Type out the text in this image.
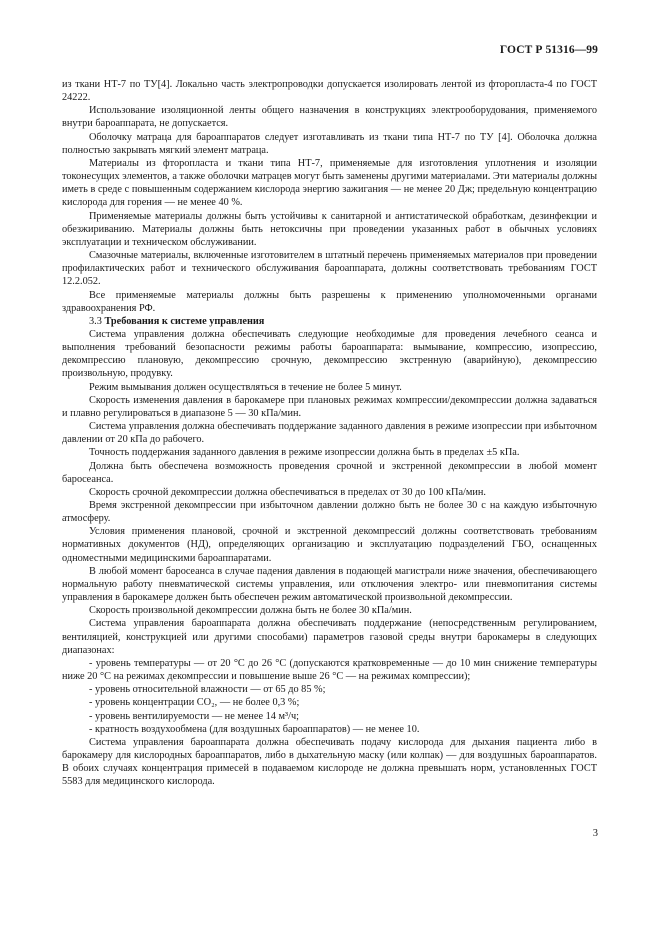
ГОСТ Р 51316—99

из ткани НТ-7 по ТУ[4]. Локально часть электропроводки допускается изолировать лентой из фторопласта-4 по ГОСТ 24222.

Использование изоляционной ленты общего назначения в конструкциях электрооборудования, применяемого внутри бароаппарата, не допускается.

Оболочку матраца для бароаппаратов следует изготавливать из ткани типа НТ-7 по ТУ [4]. Оболочка должна полностью закрывать мягкий элемент матраца.

Материалы из фторопласта и ткани типа НТ-7, применяемые для изготовления уплотнения и изоляции токонесущих элементов, а также оболочки матрацев могут быть заменены другими материалами. Эти материалы должны иметь в среде с повышенным содержанием кислорода энергию зажигания — не менее 20 Дж; предельную концентрацию кислорода для горения — не менее 40 %.

Применяемые материалы должны быть устойчивы к санитарной и антистатической обработкам, дезинфекции и обезжириванию. Материалы должны быть нетоксичны при проведении указанных работ в обычных условиях эксплуатации и техническом обслуживании.

Смазочные материалы, включенные изготовителем в штатный перечень применяемых материалов при проведении профилактических работ и технического обслуживания бароаппарата, должны соответствовать требованиям ГОСТ 12.2.052.

Все применяемые материалы должны быть разрешены к применению уполномоченными органами здравоохранения РФ.

3.3 Требования к системе управления

Система управления должна обеспечивать следующие необходимые для проведения лечебного сеанса и выполнения требований безопасности режимы работы бароаппарата: вымывание, компрессию, изопрессию, декомпрессию плановую, декомпрессию срочную, декомпрессию экстренную (аварийную), декомпрессию произвольную, продувку.

Режим вымывания должен осуществляться в течение не более 5 минут.

Скорость изменения давления в барокамере при плановых режимах компрессии/декомпрессии должна задаваться и плавно регулироваться в диапазоне 5 — 30 кПа/мин.

Система управления должна обеспечивать поддержание заданного давления в режиме изопрессии при избыточном давлении от 20 кПа до рабочего.

Точность поддержания заданного давления в режиме изопрессии должна быть в пределах ±5 кПа.

Должна быть обеспечена возможность проведения срочной и экстренной декомпрессии в любой момент бароcеанса.

Скорость срочной декомпрессии должна обеспечиваться в пределах от 30 до 100 кПа/мин.

Время экстренной декомпрессии при избыточном давлении должно быть не более 30 с на каждую избыточную атмосферу.

Условия применения плановой, срочной и экстренной декомпрессий должны соответствовать требованиям нормативных документов (НД), определяющих организацию и эксплуатацию подразделений ГБО, оснащенных одноместными медицинскими бароаппаратами.

В любой момент бароcеанса в случае падения давления в подающей магистрали ниже значения, обеспечивающего нормальную работу пневматической системы управления, или отключения электро- или пневмопитания системы управления в барокамере должен быть обеспечен режим автоматической произвольной декомпрессии.

Скорость произвольной декомпрессии должна быть не более 30 кПа/мин.

Система управления бароаппарата должна обеспечивать поддержание (непосредственным регулированием, вентиляцией, конструкцией или другими способами) параметров газовой среды внутри барокамеры в следующих диапазонах:

- уровень температуры — от 20 °С до 26 °С (допускаются кратковременные — до 10 мин снижение температуры ниже 20 °С на режимах декомпрессии и повышение выше 26 °С — на режимах компрессии);

- уровень относительной влажности — от 65 до 85 %;

- уровень концентрации CO₂, — не более 0,3 %;

- уровень вентилируемости — не менее 14 м³/ч;

- кратность воздухообмена (для воздушных бароаппаратов) — не менее 10.

Система управления бароаппарата должна обеспечивать подачу кислорода для дыхания пациента либо в барокамеру для кислородных бароаппаратов, либо в дыхательную маску (или колпак) — для воздушных бароаппаратов. В обоих случаях концентрация примесей в подаваемом кислороде не должна превышать норм, установленных ГОСТ 5583 для медицинского кислорода.

3
